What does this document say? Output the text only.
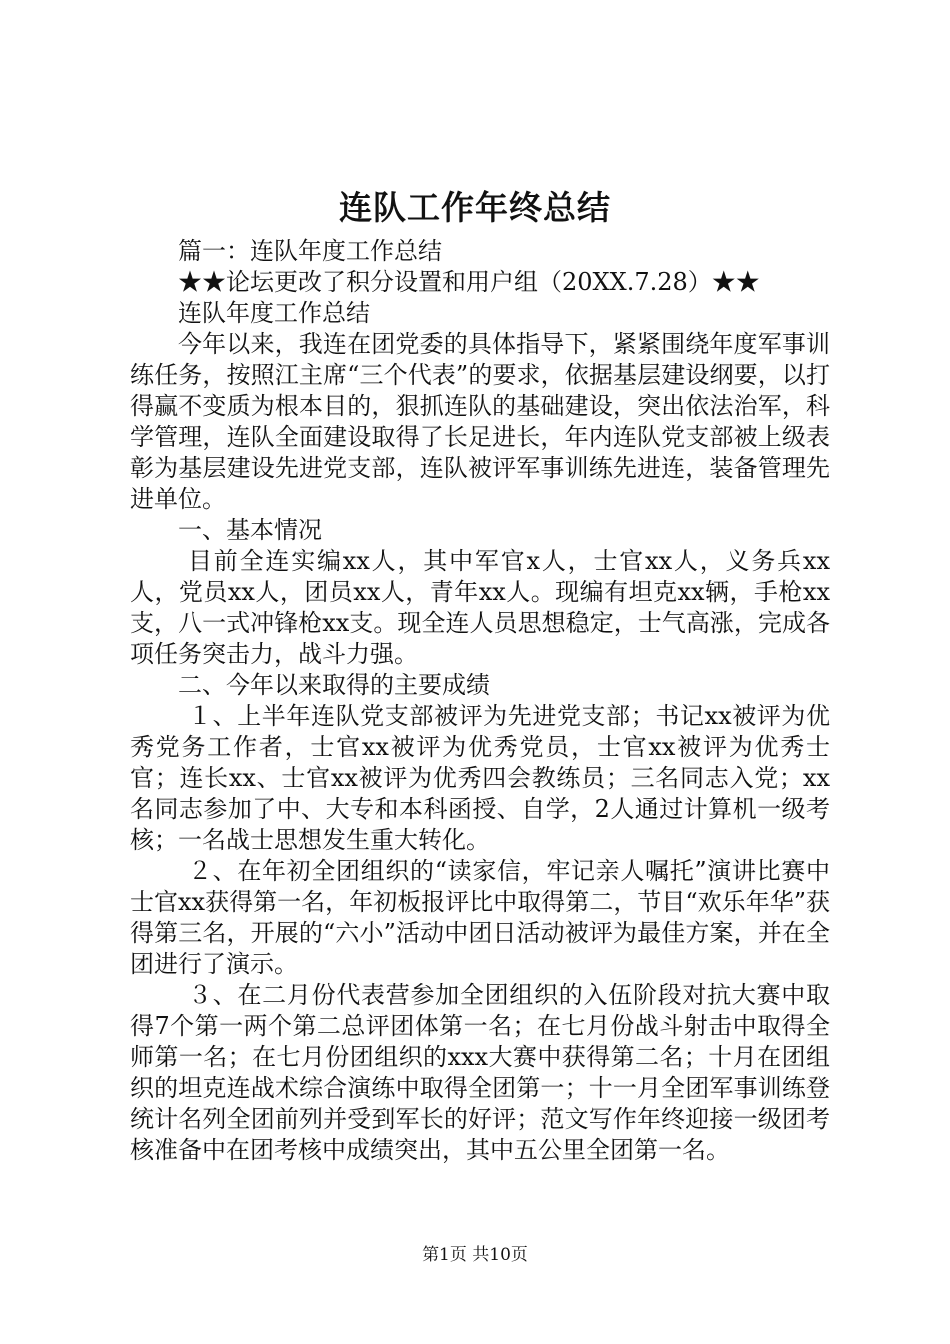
连队工作年终总结
篇一：连队年度工作总结
★★论坛更改了积分设置和用户组（20XX.7.28）★★
连队年度工作总结
今年以来，我连在团党委的具体指导下，紧紧围绕年度军事训练任务，按照江主席“三个代表”的要求，依据基层建设纲要，以打得赢不变质为根本目的，狠抓连队的基础建设，突出依法治军，科学管理，连队全面建设取得了长足进长，年内连队党支部被上级表彰为基层建设先进党支部，连队被评军事训练先进连，装备管理先进单位。
一、基本情况
目前全连实编xx人，其中军官x人，士官xx人，义务兵xx人，党员xx人，团员xx人，青年xx人。现编有坦克xx辆，手枪xx支，八一式冲锋枪xx支。现全连人员思想稳定，士气高涨，完成各项任务突击力，战斗力强。
二、今年以来取得的主要成绩
１、上半年连队党支部被评为先进党支部；书记xx被评为优秀党务工作者，士官xx被评为优秀党员，士官xx被评为优秀士官；连长xx、士官xx被评为优秀四会教练员；三名同志入党；xx名同志参加了中、大专和本科函授、自学，2人通过计算机一级考核；一名战士思想发生重大转化。
２、在年初全团组织的“读家信，牢记亲人嘱托”演讲比赛中士官xx获得第一名，年初板报评比中取得第二，节目“欢乐年华”获得第三名，开展的“六小”活动中团日活动被评为最佳方案，并在全团进行了演示。
３、在二月份代表营参加全团组织的入伍阶段对抗大赛中取得7个第一两个第二总评团体第一名；在七月份战斗射击中取得全师第一名；在七月份团组织的xxx大赛中获得第二名；十月在团组织的坦克连战术综合演练中取得全团第一；十一月全团军事训练登统计名列全团前列并受到军长的好评；范文写作年终迎接一级团考核准备中在团考核中成绩突出，其中五公里全团第一名。
第1页 共10页
